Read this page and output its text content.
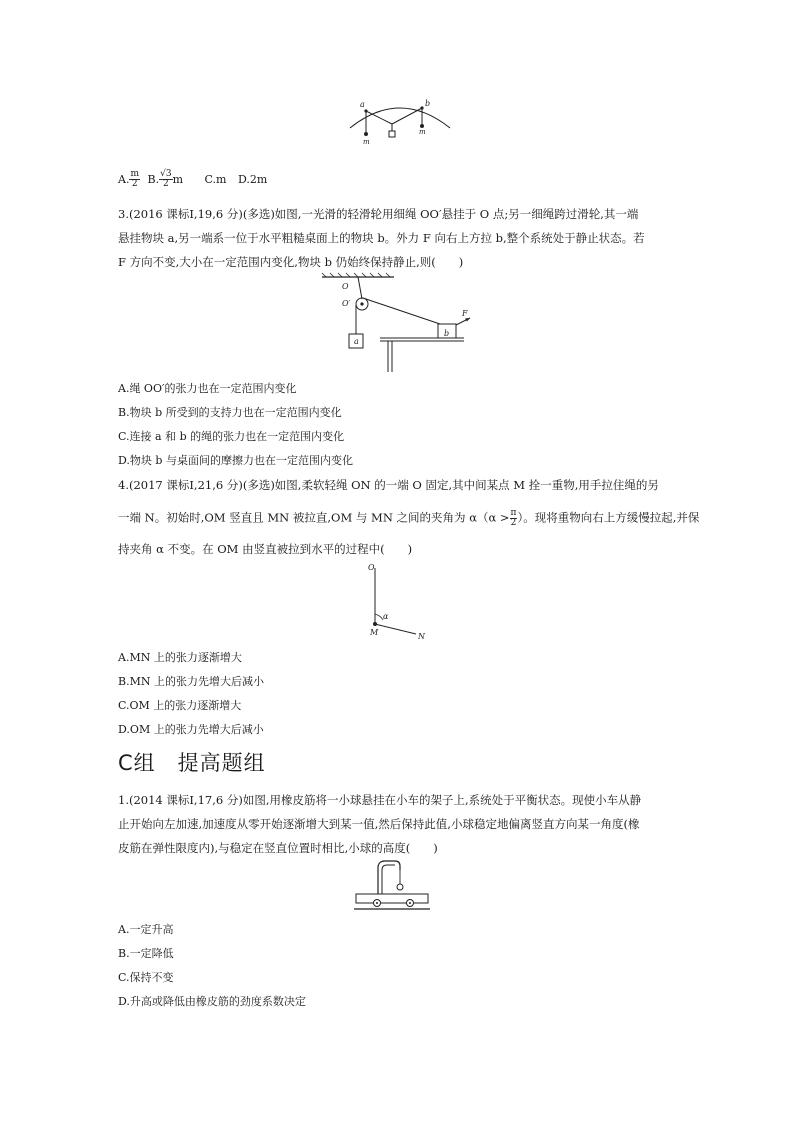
a	b
m
m
A. $\frac{m}{2} B$. $\frac{√3}{2}$ m C.m D.2m
3.(2016 课标Ⅰ,19,6 分)(多选)如图,一光滑的轻滑轮用细绳 OO′悬挂于 O 点;另一细绳跨过滑轮,其一端
悬挂物块 a,另一端系一位于水平粗糙桌面上的物块 b。外力 F 向右上方拉 b,整个系统处于静止状态。若
F 方向不变,大小在一定范围内变化,物块 b 仍始终保持静止,则(　　)
O
O′
a
b
F
A.绳 OO′的张力也在一定范围内变化
B.物块 b 所受到的支持力也在一定范围内变化
C.连接 a 和 b 的绳的张力也在一定范围内变化
D.物块 b 与桌面间的摩擦力也在一定范围内变化
4.(2017 课标Ⅰ,21,6 分)(多选)如图,柔软轻绳 ON 的一端 O 固定,其中间某点 M 拴一重物,用手拉住绳的另
一端 N。初始时,OM 竖直且 MN 被拉直,OM 与 MN 之间的夹角为 $\alpha(\alpha > \frac{\pi}{2}$ ）。现将重物向右上方缓慢拉起,并保
持夹角 α 不变。在 OM 由竖直被拉到水平的过程中(　　)
O
α
M	N
A.MN 上的张力逐渐增大
B.MN 上的张力先增大后减小
C.OM 上的张力逐渐增大
D.OM 上的张力先增大后减小
C组　提高题组
1.(2014 课标Ⅰ,17,6 分)如图,用橡皮筋将一小球悬挂在小车的架子上,系统处于平衡状态。现使小车从静
止开始向左加速,加速度从零开始逐渐增大到某一值,然后保持此值,小球稳定地偏离竖直方向某一角度(橡
皮筋在弹性限度内),与稳定在竖直位置时相比,小球的高度(　　)
A.一定升高
B.一定降低
C.保持不变
D.升高或降低由橡皮筋的劲度系数决定
